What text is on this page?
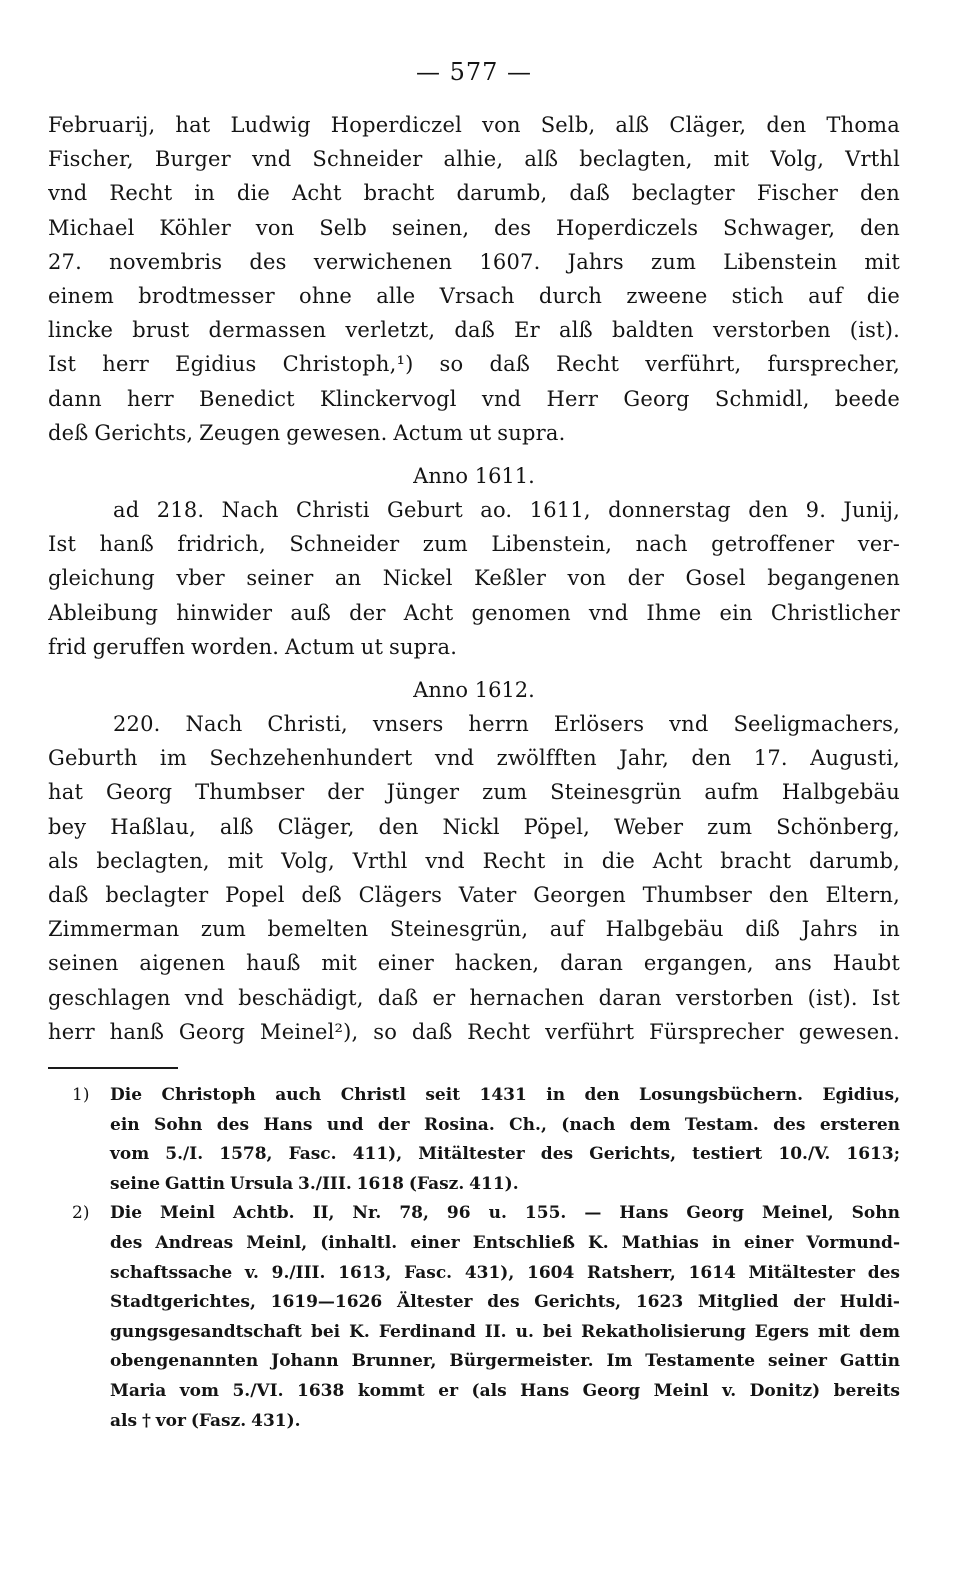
— 577 —
Februarij, hat Ludwig Hoperdiczel von Selb, alß Cläger, den Thoma
Fischer, Burger vnd Schneider alhie, alß beclagten, mit Volg, Vrthl
vnd Recht in die Acht bracht darumb, daß beclagter Fischer den
Michael Köhler von Selb seinen, des Hoperdiczels Schwager, den
27. novembris des verwichenen 1607. Jahrs zum Libenstein mit
einem brodtmesser ohne alle Vrsach durch zweene stich auf die
lincke brust dermassen verletzt, daß Er alß baldten verstorben (ist).
Ist herr Egidius Christoph,¹) so daß Recht verführt, fursprecher,
dann herr Benedict Klinckervogl vnd Herr Georg Schmidl, beede
deß Gerichts, Zeugen gewesen. Actum ut supra.
Anno 1611.
ad 218. Nach Christi Geburt ao. 1611, donnerstag den 9. Junij,
Ist hanß fridrich, Schneider zum Libenstein, nach getroffener ver-
gleichung vber seiner an Nickel Keßler von der Gosel begangenen
Ableibung hinwider auß der Acht genomen vnd Ihme ein Christlicher
frid geruffen worden. Actum ut supra.
Anno 1612.
220. Nach Christi, vnsers herrn Erlösers vnd Seeligmachers,
Geburth im Sechzehenhundert vnd zwölfften Jahr, den 17. Augusti,
hat Georg Thumbser der Jünger zum Steinesgrün aufm Halbgebäu
bey Haßlau, alß Cläger, den Nickl Pöpel, Weber zum Schönberg,
als beclagten, mit Volg, Vrthl vnd Recht in die Acht bracht darumb,
daß beclagter Popel deß Clägers Vater Georgen Thumbser den Eltern,
Zimmerman zum bemelten Steinesgrün, auf Halbgebäu diß Jahrs in
seinen aigenen hauß mit einer hacken, daran ergangen, ans Haubt
geschlagen vnd beschädigt, daß er hernachen daran verstorben (ist). Ist
herr hanß Georg Meinel²), so daß Recht verführt Fürsprecher gewesen.
1) Die Christoph auch Christl seit 1431 in den Losungsbüchern. Egidius,
ein Sohn des Hans und der Rosina. Ch., (nach dem Testam. des ersteren
vom 5./I. 1578, Fasc. 411), Mitältester des Gerichts, testiert 10./V. 1613;
seine Gattin Ursula 3./III. 1618 (Fasz. 411).
2) Die Meinl Achtb. II, Nr. 78, 96 u. 155. — Hans Georg Meinel, Sohn
des Andreas Meinl, (inhaltl. einer Entschließ K. Mathias in einer Vormund-
schaftssache v. 9./III. 1613, Fasc. 431), 1604 Ratsherr, 1614 Mitältester des
Stadtgerichtes, 1619—1626 Ältester des Gerichts, 1623 Mitglied der Huldi-
gungsgesandtschaft bei K. Ferdinand II. u. bei Rekatholisierung Egers mit dem
obengenannten Johann Brunner, Bürgermeister. Im Testamente seiner Gattin
Maria vom 5./VI. 1638 kommt er (als Hans Georg Meinl v. Donitz) bereits
als † vor (Fasz. 431).
